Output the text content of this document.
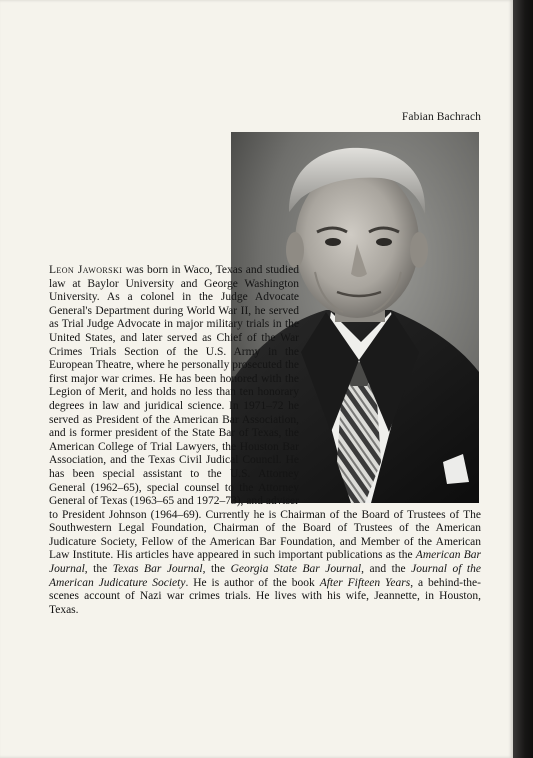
Fabian Bachrach
Leon Jaworski was born in Waco, Texas and studied law at Baylor University and George Washington University. As a colonel in the Judge Advocate General's Department during World War II, he served as Trial Judge Advocate in major military trials in the United States, and later served as Chief of the War Crimes Trials Section of the U.S. Army in the European Theatre, where he personally prosecuted the first major war crimes. He has been honored with the Legion of Merit, and holds no less than ten honorary degrees in law and juridical science. In 1971–72 he served as President of the American Bar Association, and is former president of the State Bar of Texas, the American College of Trial Lawyers, the Houston Bar Association, and the Texas Civil Judical Council. He has been special assistant to the U.S. Attorney General (1962–65), special counsel to the Attorney General of Texas (1963–65 and 1972–73), and adviser to President Johnson (1964–69). Currently he is Chairman of the Board of Trustees of The Southwestern Legal Foundation, Chairman of the Board of Trustees of the American Judicature Society, Fellow of the American Bar Foundation, and Member of the American Law Institute. His articles have appeared in such important publications as the American Bar Journal, the Texas Bar Journal, the Georgia State Bar Journal, and the Journal of the American Judicature Society. He is author of the book After Fifteen Years, a behind-the-scenes account of Nazi war crimes trials. He lives with his wife, Jeannette, in Houston, Texas.
